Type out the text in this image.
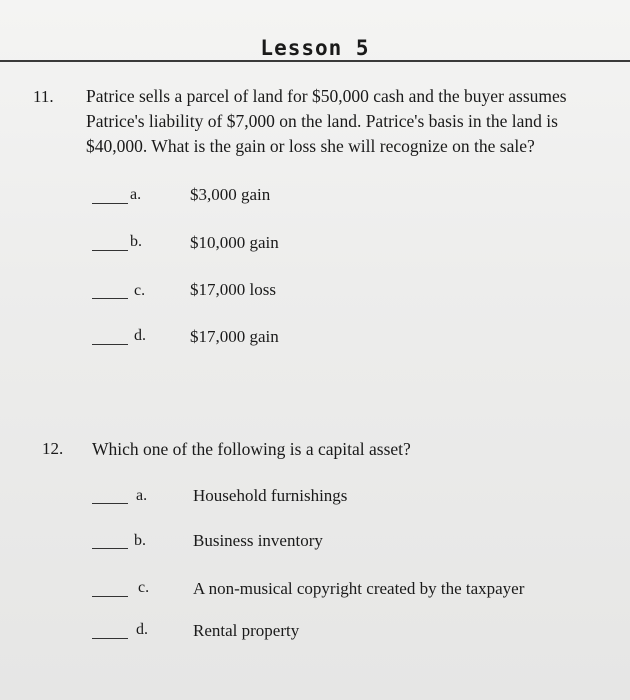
Lesson 5
11. Patrice sells a parcel of land for $50,000 cash and the buyer assumes
Patrice's liability of $7,000 on the land. Patrice's basis in the land is
$40,000. What is the gain or loss she will recognize on the sale?
a.	$3,000 gain
b.	$10,000 gain
c.	$17,000 loss
d.	$17,000 gain
12. Which one of the following is a capital asset?
a.	Household furnishings
b.	Business inventory
c.	A non-musical copyright created by the taxpayer
d.	Rental property
